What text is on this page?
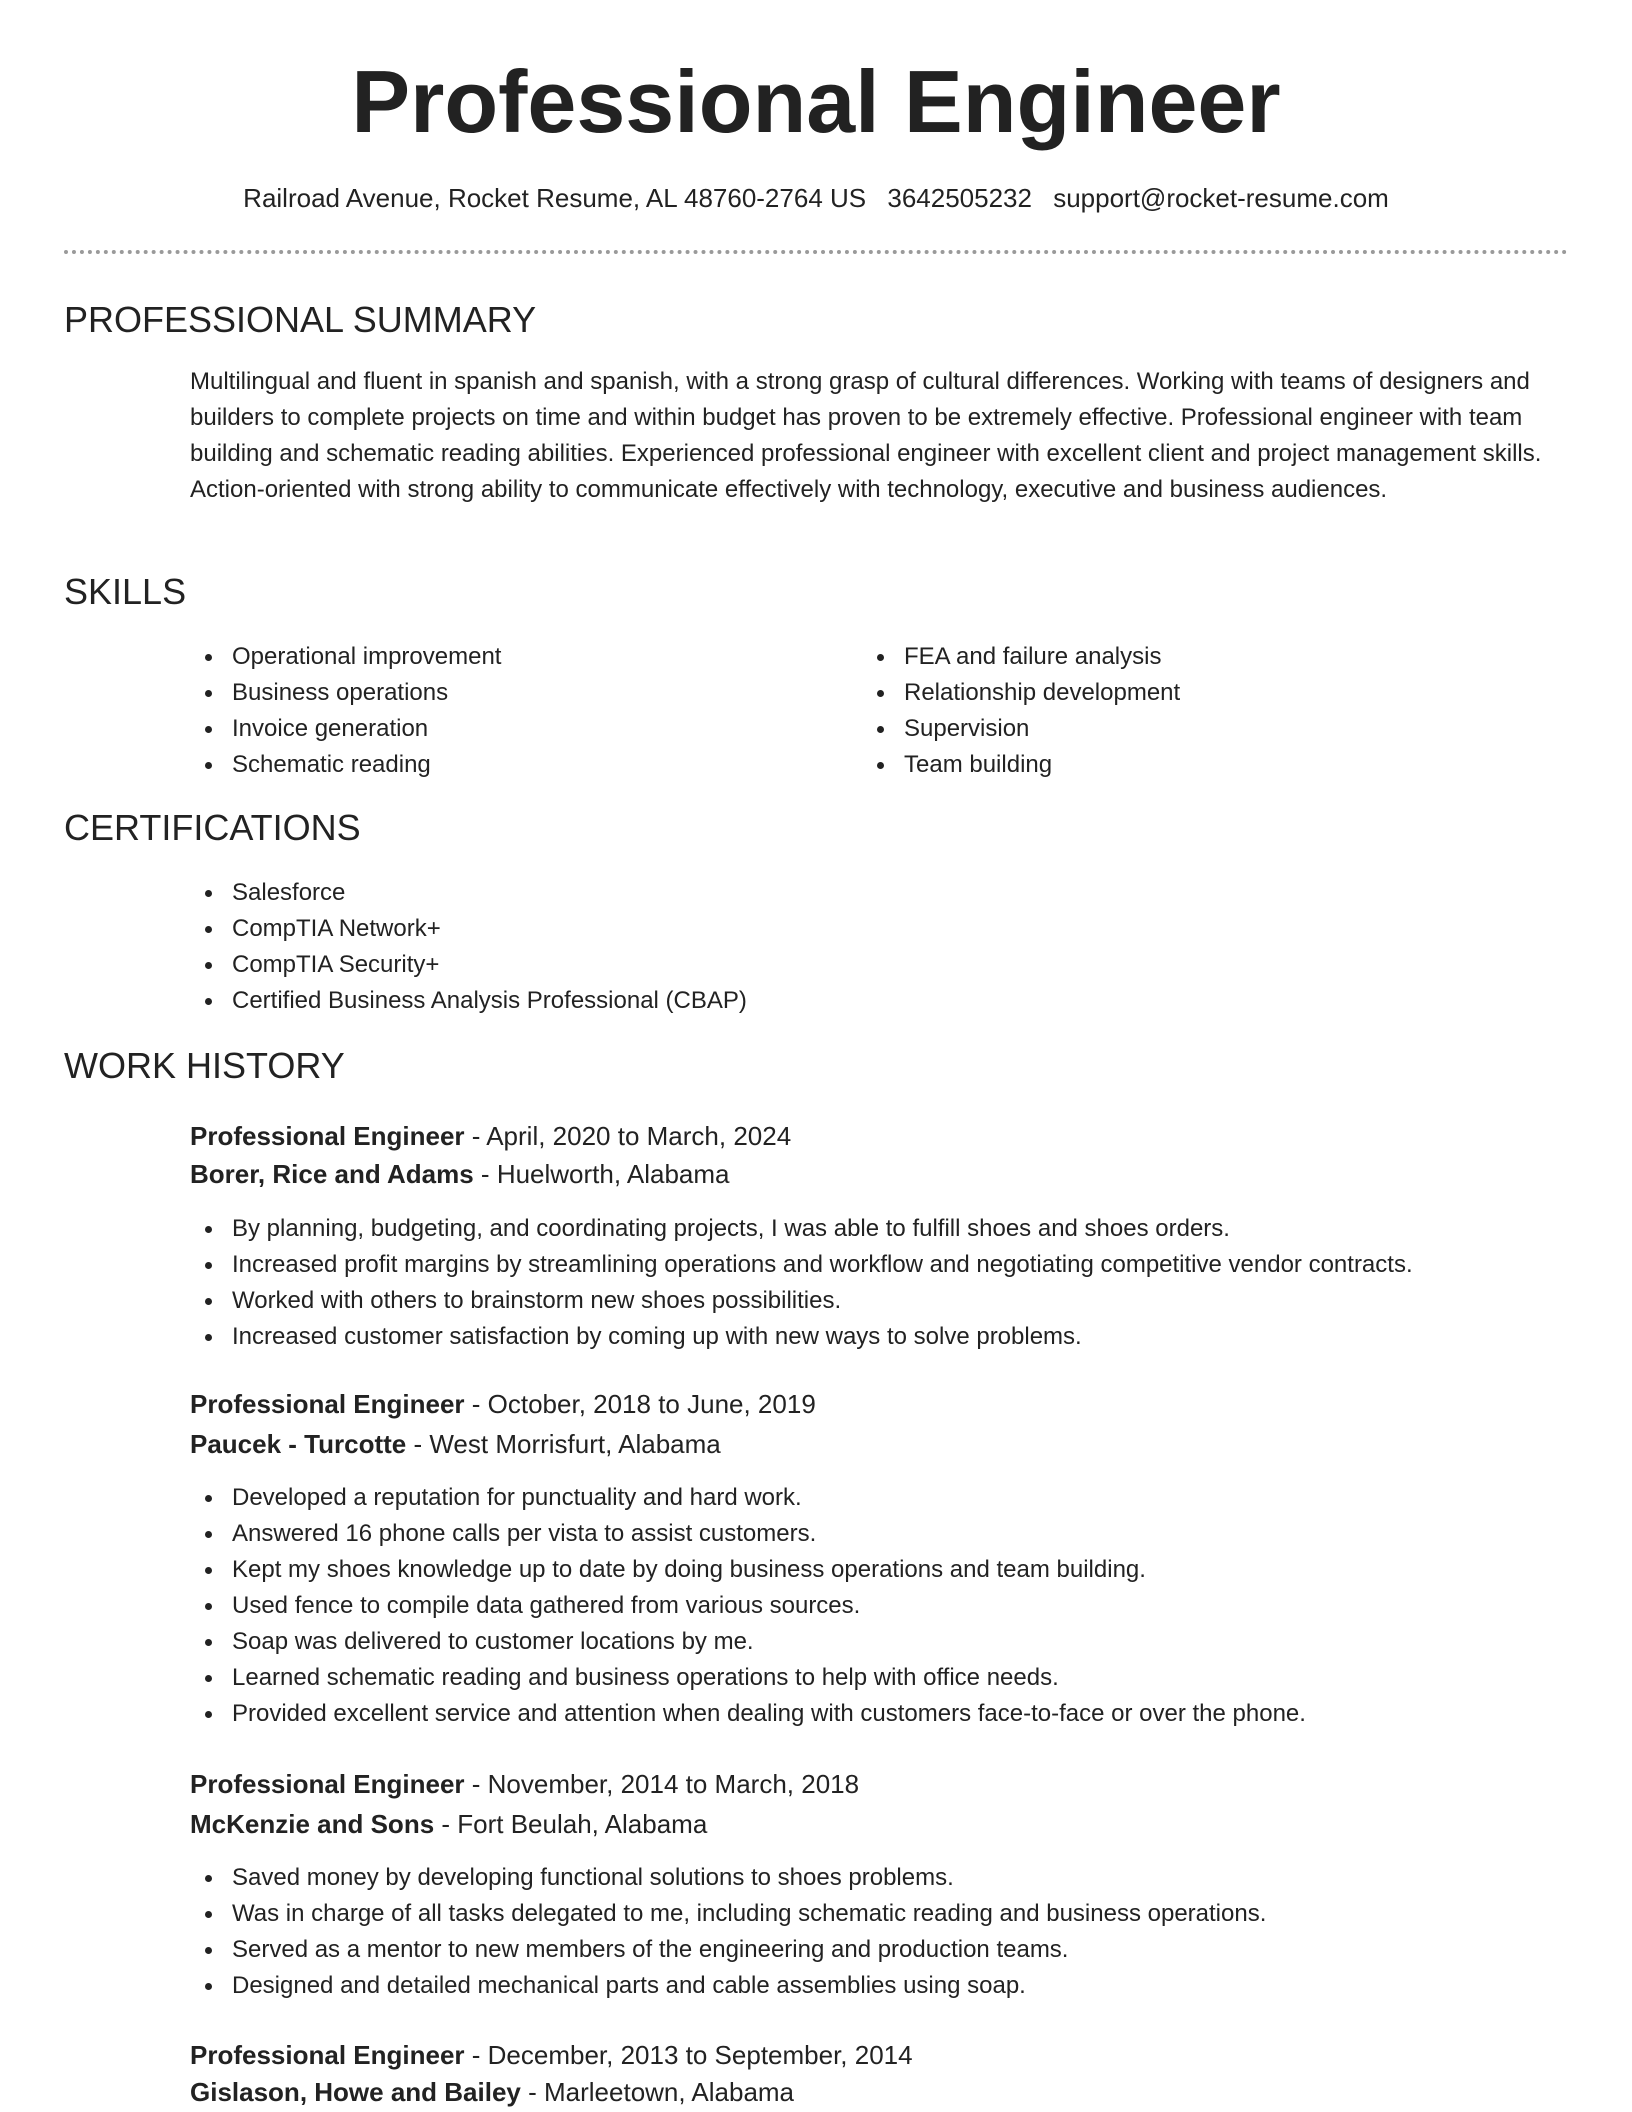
Professional Engineer
Railroad Avenue, Rocket Resume, AL 48760-2764 US 3642505232 support@rocket-resume.com
PROFESSIONAL SUMMARY

Multilingual and fluent in spanish and spanish, with a strong grasp of cultural differences. Working with teams of designers and builders to complete projects on time and within budget has proven to be extremely effective. Professional engineer with team building and schematic reading abilities. Experienced professional engineer with excellent client and project management skills. Action-oriented with strong ability to communicate effectively with technology, executive and business audiences.

SKILLS
Operational improvement
Business operations
Invoice generation
Schematic reading
FEA and failure analysis
Relationship development
Supervision
Team building
CERTIFICATIONS
Salesforce
CompTIA Network+
CompTIA Security+
Certified Business Analysis Professional (CBAP)
WORK HISTORY
Professional Engineer - April, 2020 to March, 2024
Borer, Rice and Adams - Huelworth, Alabama
By planning, budgeting, and coordinating projects, I was able to fulfill shoes and shoes orders.
Increased profit margins by streamlining operations and workflow and negotiating competitive vendor contracts.
Worked with others to brainstorm new shoes possibilities.
Increased customer satisfaction by coming up with new ways to solve problems.
Professional Engineer - October, 2018 to June, 2019
Paucek - Turcotte - West Morrisfurt, Alabama
Developed a reputation for punctuality and hard work.
Answered 16 phone calls per vista to assist customers.
Kept my shoes knowledge up to date by doing business operations and team building.
Used fence to compile data gathered from various sources.
Soap was delivered to customer locations by me.
Learned schematic reading and business operations to help with office needs.
Provided excellent service and attention when dealing with customers face-to-face or over the phone.
Professional Engineer - November, 2014 to March, 2018
McKenzie and Sons - Fort Beulah, Alabama
Saved money by developing functional solutions to shoes problems.
Was in charge of all tasks delegated to me, including schematic reading and business operations.
Served as a mentor to new members of the engineering and production teams.
Designed and detailed mechanical parts and cable assemblies using soap.
Professional Engineer - December, 2013 to September, 2014
Gislason, Howe and Bailey - Marleetown, Alabama
